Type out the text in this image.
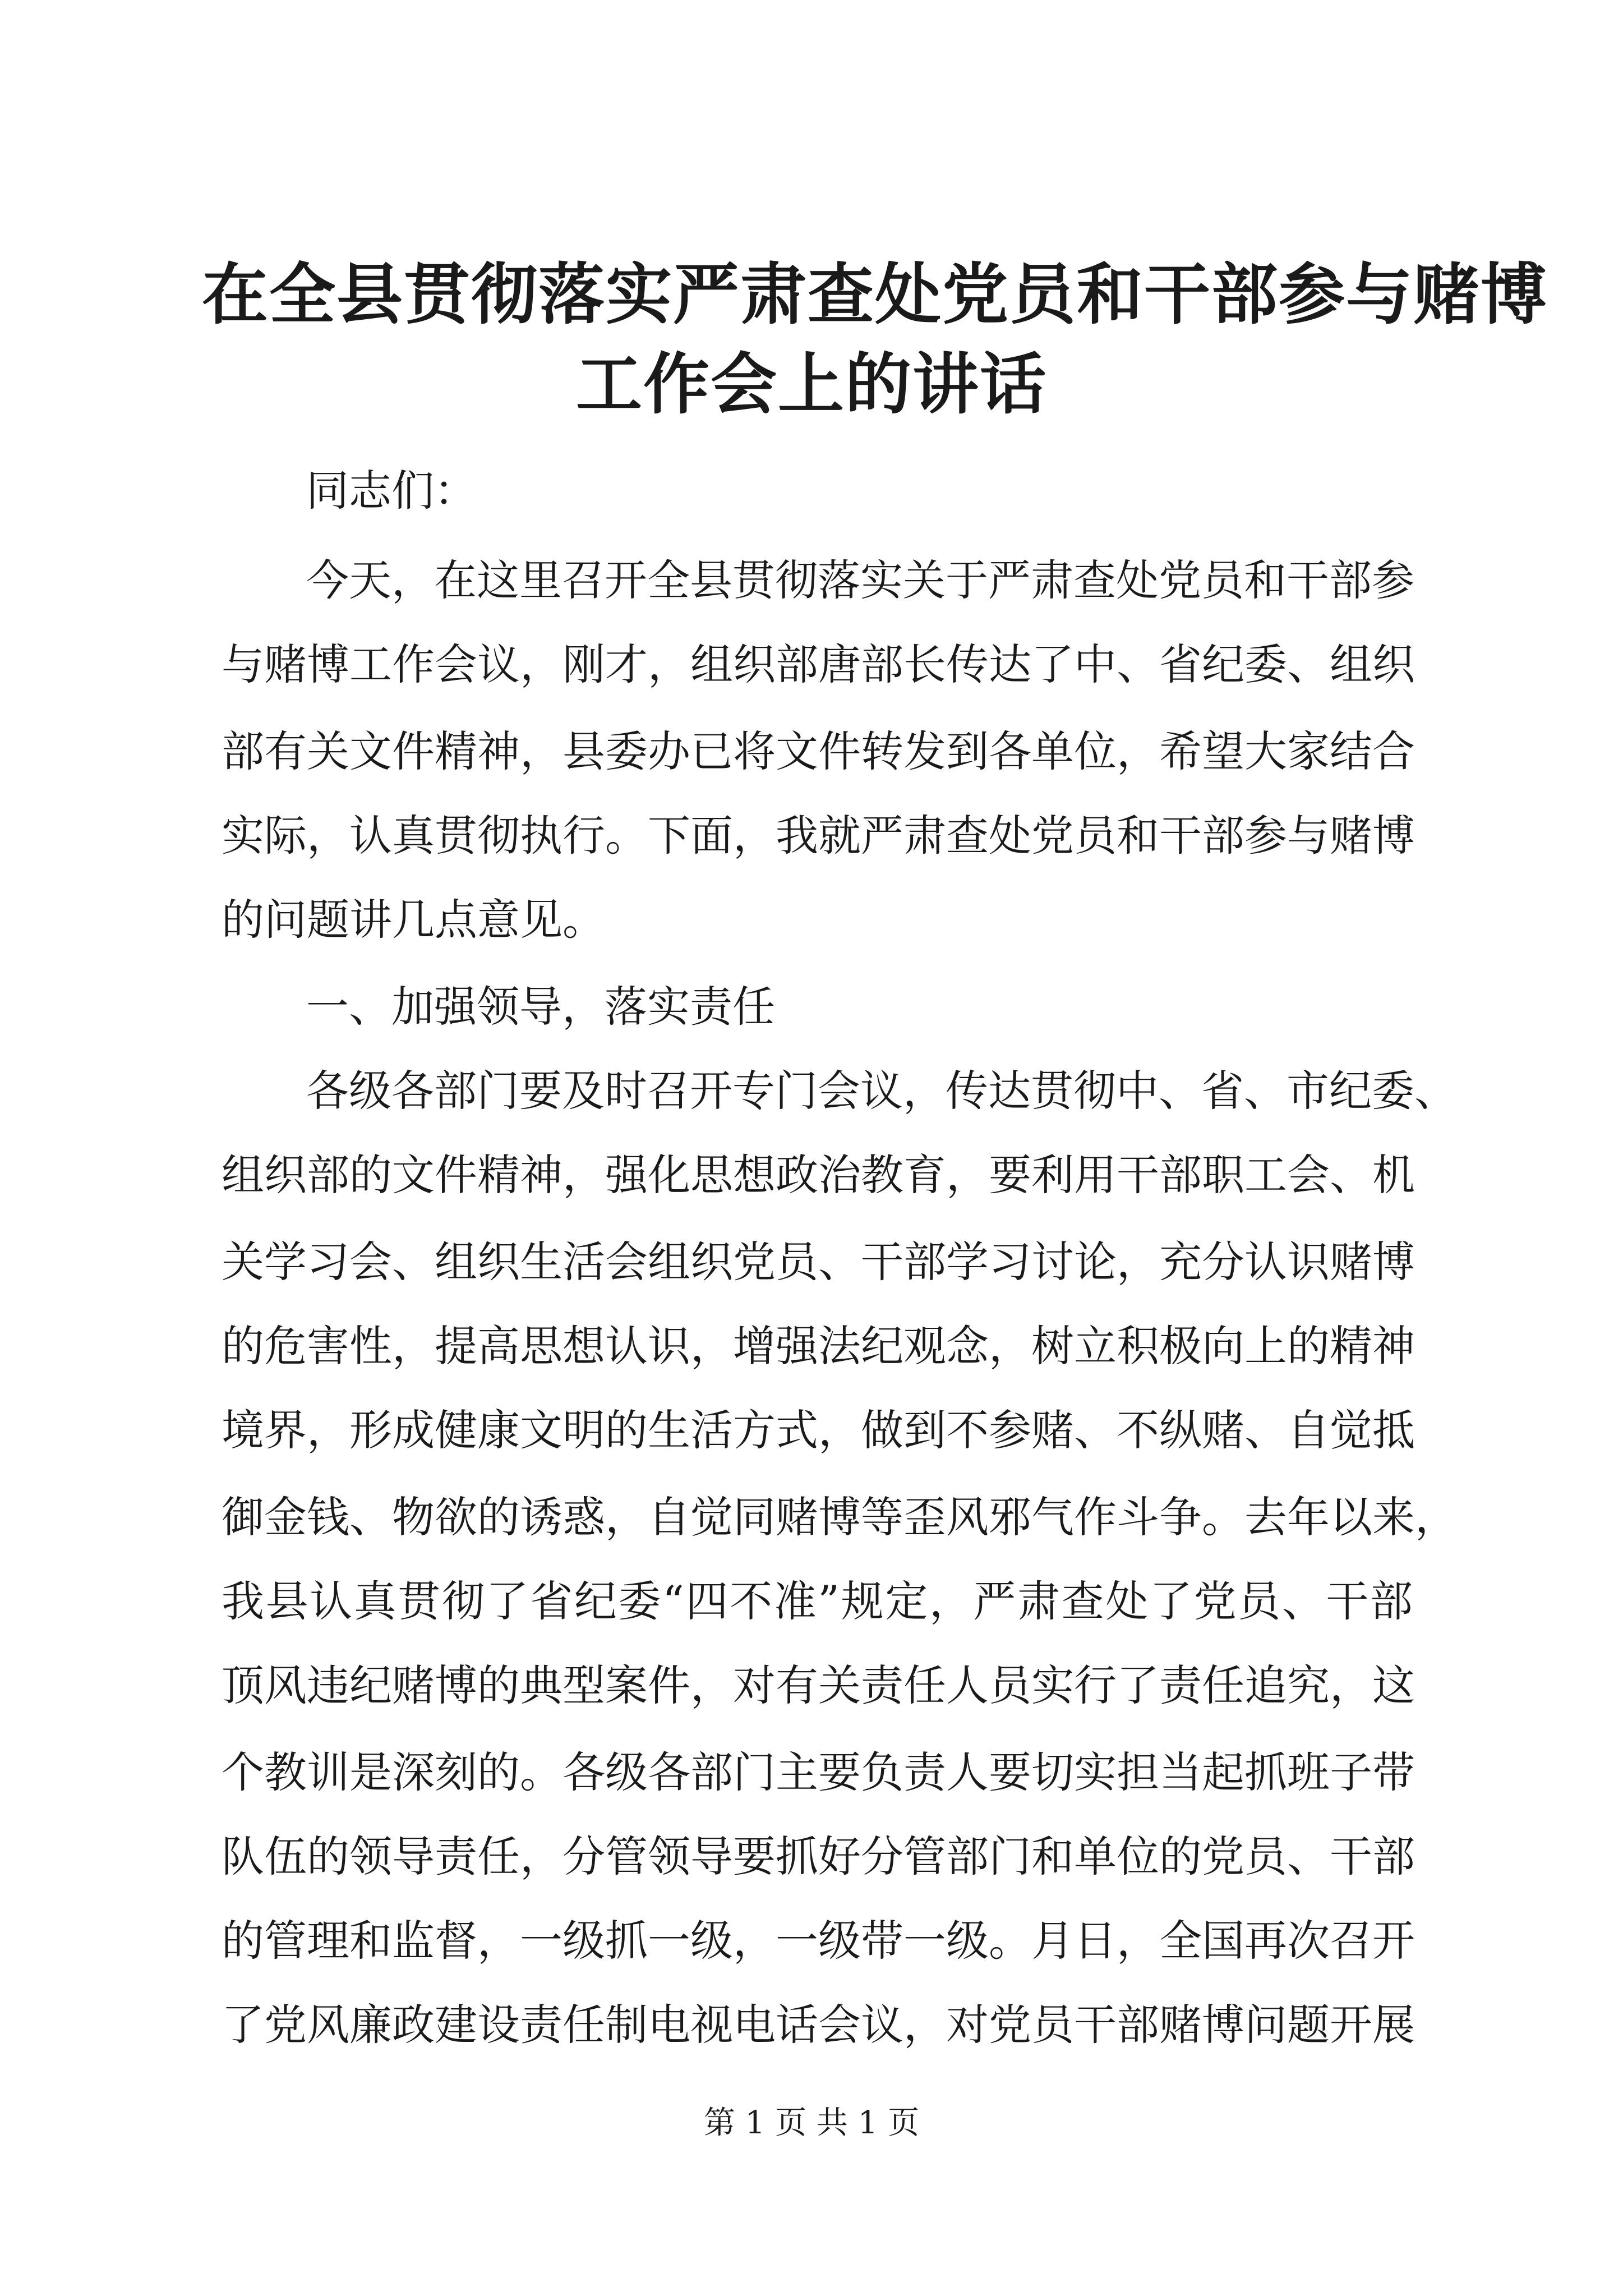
在全县贯彻落实严肃查处党员和干部参与赌博
工作会上的讲话
同志们：
今天，在这里召开全县贯彻落实关于严肃查处党员和干部参
与赌博工作会议，刚才，组织部唐部长传达了中、省纪委、组织
部有关文件精神，县委办已将文件转发到各单位，希望大家结合
实际，认真贯彻执行。下面，我就严肃查处党员和干部参与赌博
的问题讲几点意见。
一、加强领导，落实责任
各级各部门要及时召开专门会议，传达贯彻中、省、市纪委、
组织部的文件精神，强化思想政治教育，要利用干部职工会、机
关学习会、组织生活会组织党员、干部学习讨论，充分认识赌博
的危害性，提高思想认识，增强法纪观念，树立积极向上的精神
境界，形成健康文明的生活方式，做到不参赌、不纵赌、自觉抵
御金钱、物欲的诱惑，自觉同赌博等歪风邪气作斗争。去年以来，
我县认真贯彻了省纪委“四不准”规定，严肃查处了党员、干部
顶风违纪赌博的典型案件，对有关责任人员实行了责任追究，这
个教训是深刻的。各级各部门主要负责人要切实担当起抓班子带
队伍的领导责任，分管领导要抓好分管部门和单位的党员、干部
的管理和监督，一级抓一级，一级带一级。月日，全国再次召开
了党风廉政建设责任制电视电话会议，对党员干部赌博问题开展
第 1 页 共 1 页
